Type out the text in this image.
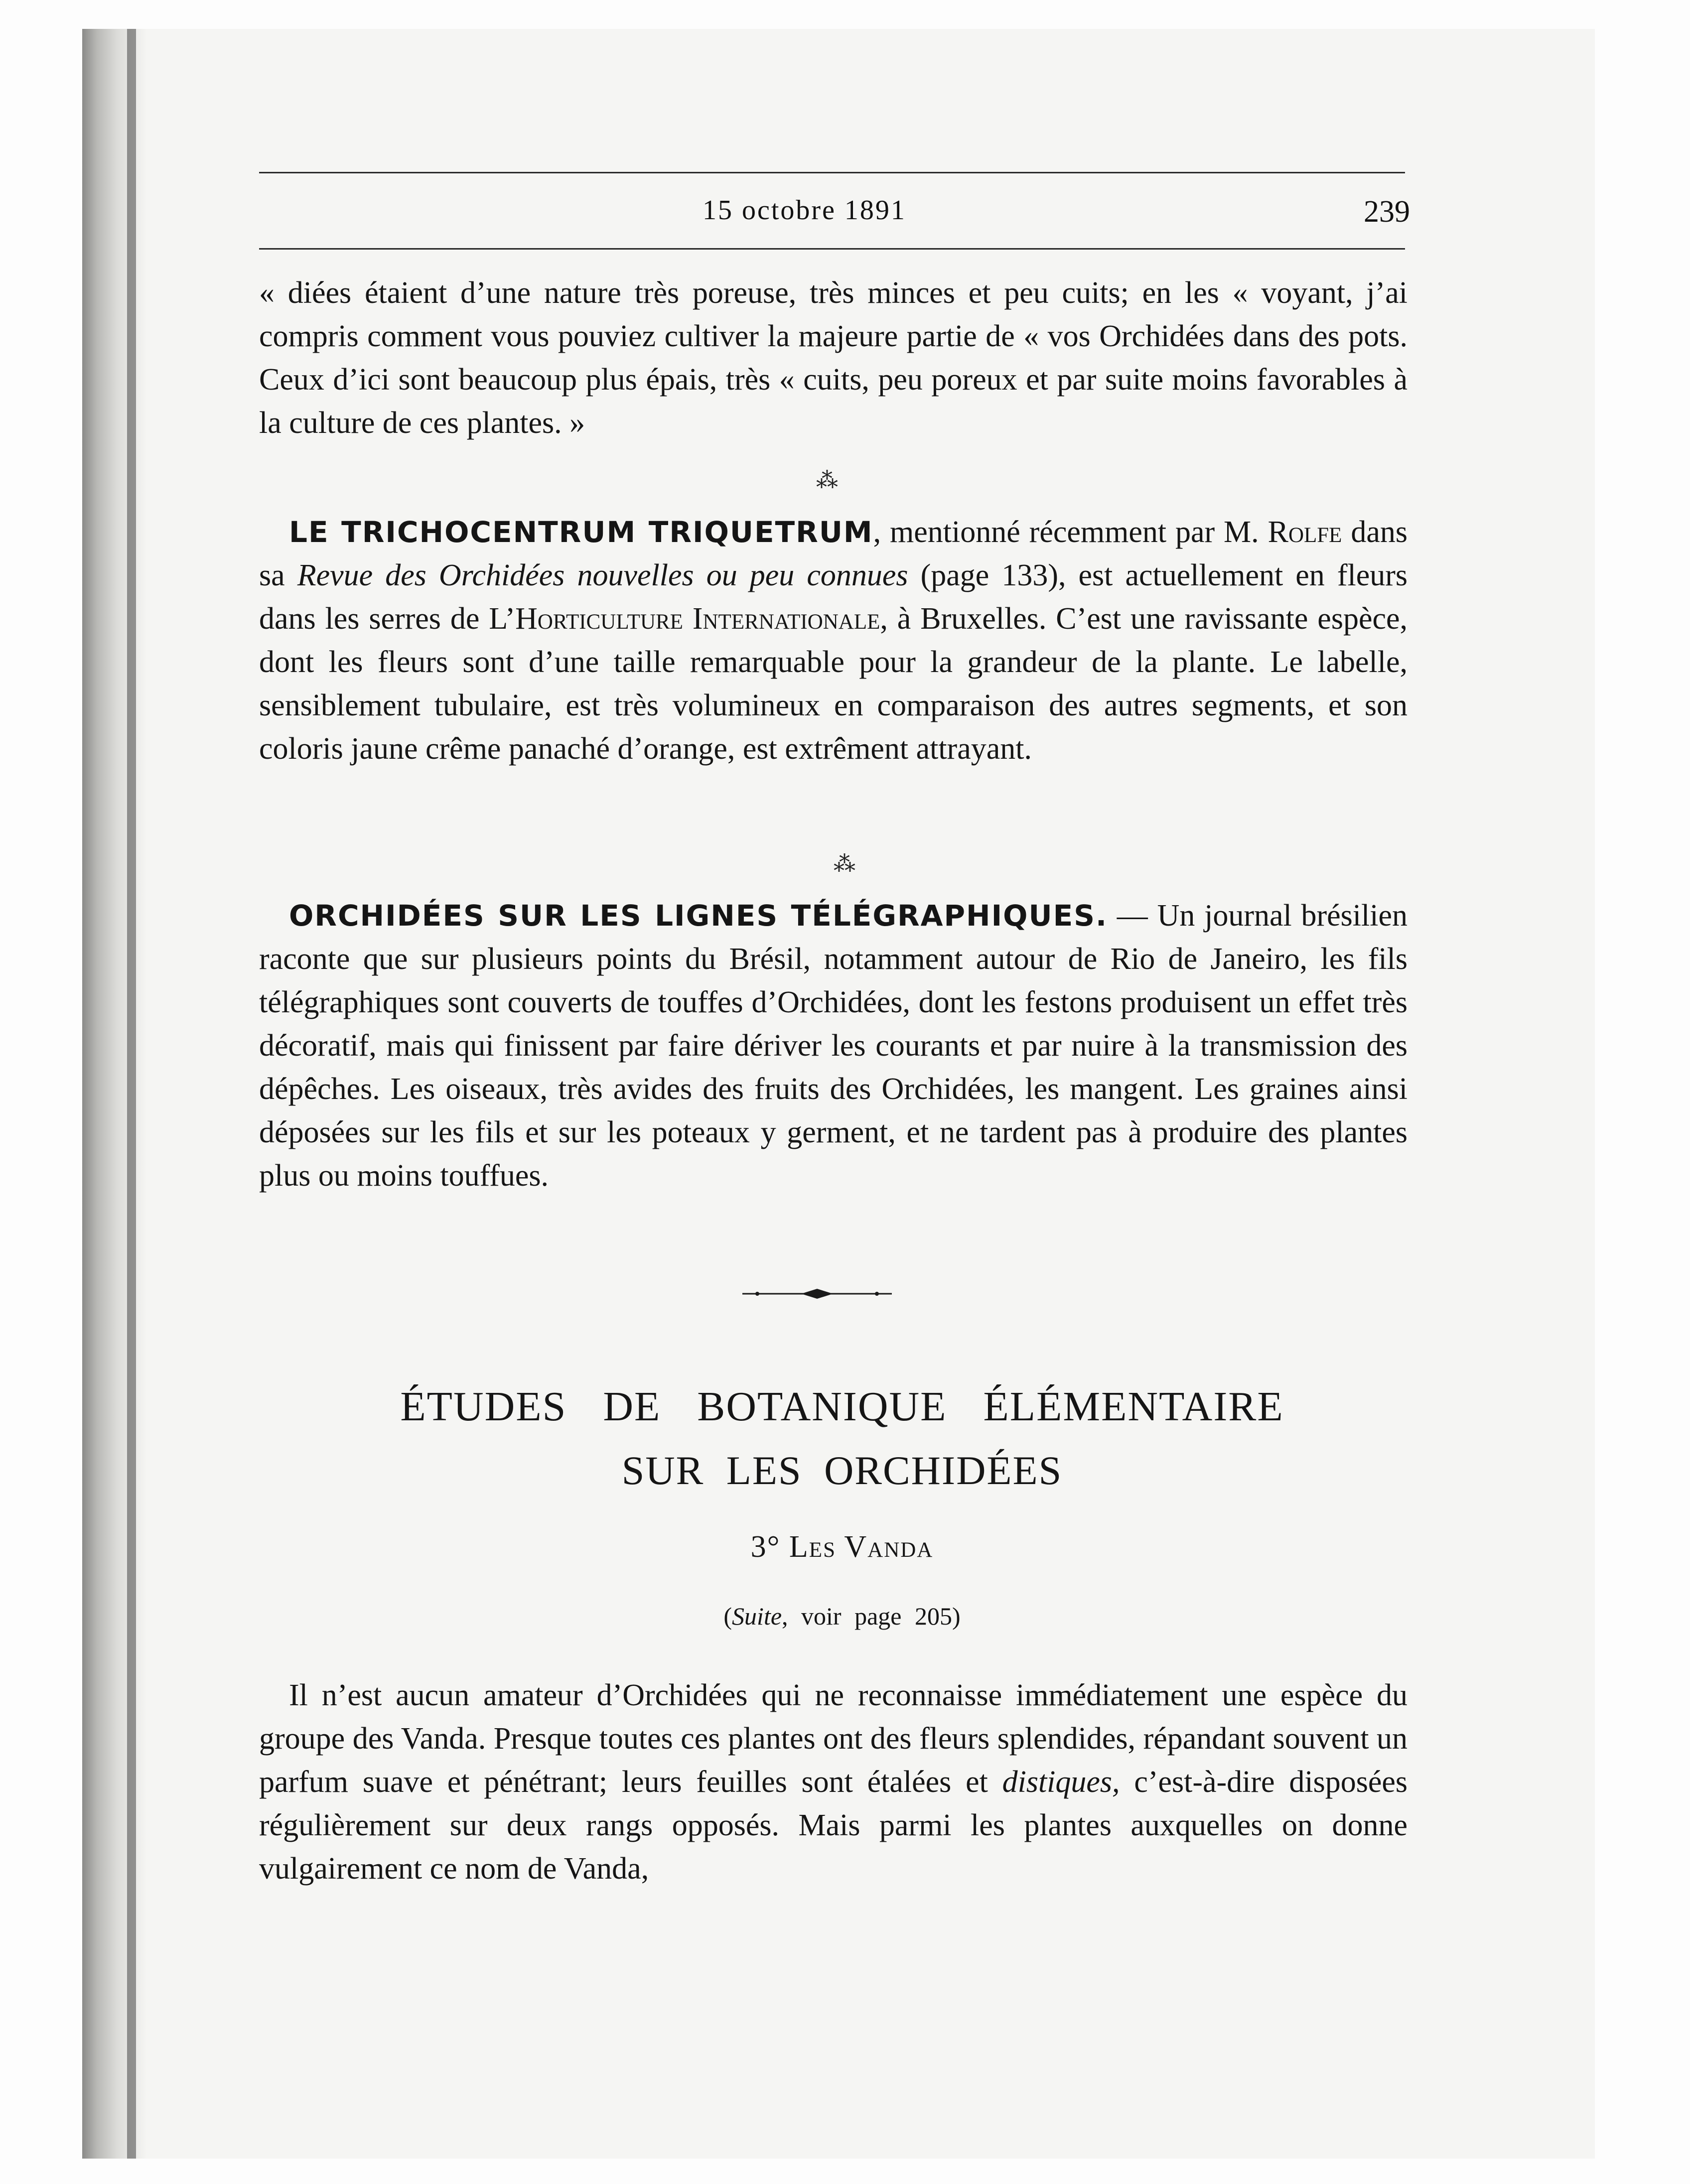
15 octobre 1891	239
« diées étaient d’une nature très poreuse, très minces et peu cuits; en les « voyant, j’ai compris comment vous pouviez cultiver la majeure partie de « vos Orchidées dans des pots. Ceux d’ici sont beaucoup plus épais, très « cuits, peu poreux et par suite moins favorables à la culture de ces plantes. »
⁂
LE TRICHOCENTRUM TRIQUETRUM, mentionné récemment par M. Rolfe dans sa Revue des Orchidées nouvelles ou peu connues (page 133), est actuellement en fleurs dans les serres de L’Horticulture Internationale, à Bruxelles. C’est une ravissante espèce, dont les fleurs sont d’une taille remarquable pour la grandeur de la plante. Le labelle, sensiblement tubulaire, est très volumineux en comparaison des autres segments, et son coloris jaune crême panaché d’orange, est extrêment attrayant.
⁂
ORCHIDÉES SUR LES LIGNES TÉLÉGRAPHIQUES. — Un journal brésilien raconte que sur plusieurs points du Brésil, notamment autour de Rio de Janeiro, les fils télégraphiques sont couverts de touffes d’Orchidées, dont les festons produisent un effet très décoratif, mais qui finissent par faire dériver les courants et par nuire à la transmission des dépêches. Les oiseaux, très avides des fruits des Orchidées, les mangent. Les graines ainsi déposées sur les fils et sur les poteaux y germent, et ne tardent pas à produire des plantes plus ou moins touffues.
ÉTUDES DE BOTANIQUE ÉLÉMENTAIRE
SUR LES ORCHIDÉES
3° Les Vanda
(Suite, voir page 205)
Il n’est aucun amateur d’Orchidées qui ne reconnaisse immédiatement une espèce du groupe des Vanda. Presque toutes ces plantes ont des fleurs splendides, répandant souvent un parfum suave et pénétrant; leurs feuilles sont étalées et distiques, c’est-à-dire disposées régulièrement sur deux rangs opposés. Mais parmi les plantes auxquelles on donne vulgairement ce nom de Vanda,
